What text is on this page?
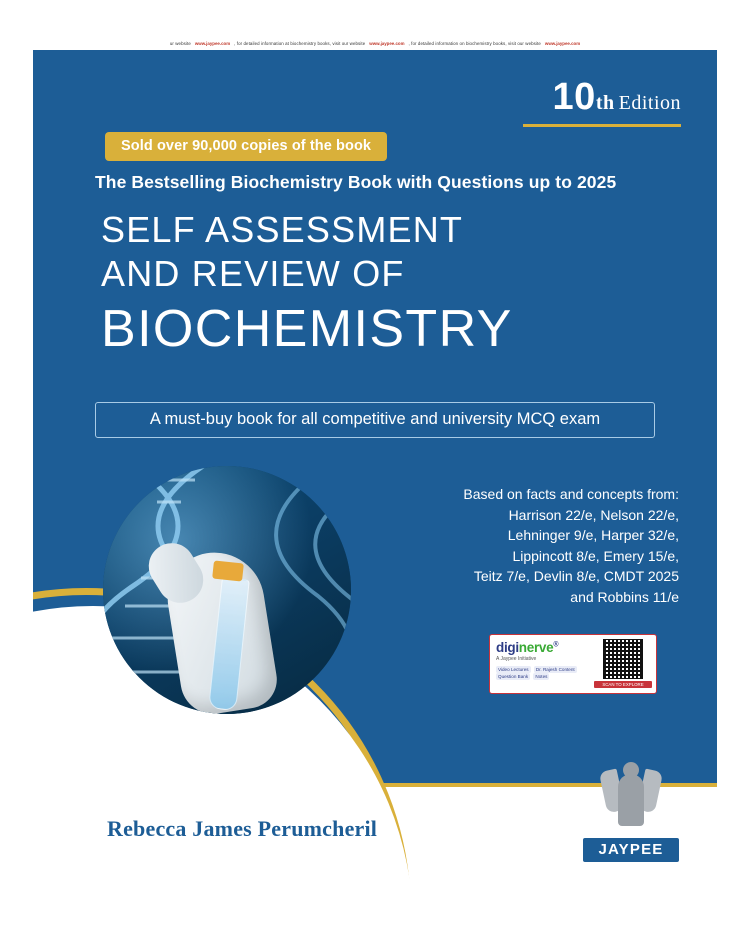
ur website www.jaypee.com , for detailed information at biochemistry books, visit our website www.jaypee.com , for detailed information on biochemistry books, visit our website www.jaypee.com
10th Edition
Sold over 90,000 copies of the book
The Bestselling Biochemistry Book with Questions up to 2025
SELF ASSESSMENT
AND REVIEW OF
BIOCHEMISTRY
A must-buy book for all competitive and university MCQ exam
Based on facts and concepts from:
Harrison 22/e, Nelson 22/e,
Lehninger 9/e, Harper 32/e,
Lippincott 8/e, Emery 15/e,
Teitz 7/e, Devlin 8/e, CMDT 2025
and Robbins 11/e
diginerve®
A Jaypee Initiative
Video Lectures Dr. Rajesh Content
Question Bank Notes
SCAN TO EXPLORE
Rebecca James Perumcheril
JAYPEE
